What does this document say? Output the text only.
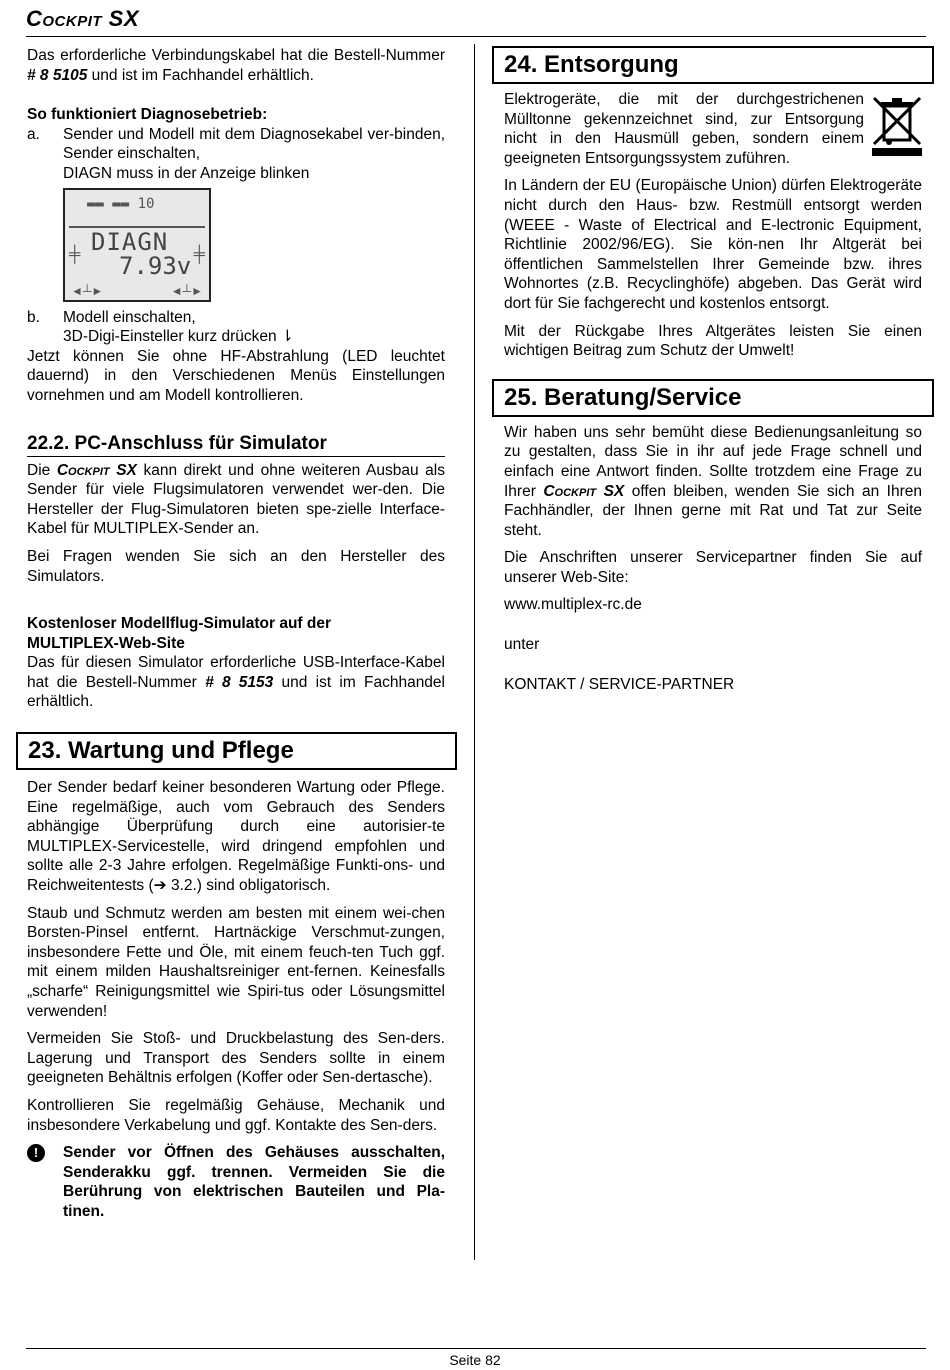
Cockpit SX

Das erforderliche Verbindungskabel hat die Bestell-Nummer # 8 5105 und ist im Fachhandel erhältlich.

So funktioniert Diagnosebetrieb:

a.	Sender und Modell mit dem Diagnosekabel ver-binden, Sender einschalten,

DIAGN muss in der Anzeige blinken

▬▬ ▬▬ 10
╪	╪
DIAGN
7.93v
◄┴►	◄┴►
b.	Modell einschalten,

3D-Digi-Einsteller kurz drücken ⇂

Jetzt können Sie ohne HF-Abstrahlung (LED leuchtet dauernd) in den Verschiedenen Menüs Einstellungen vornehmen und am Modell kontrollieren.

22.2. PC-Anschluss für Simulator

Die Cockpit SX kann direkt und ohne weiteren Ausbau als Sender für viele Flugsimulatoren verwendet wer-den. Die Hersteller der Flug-Simulatoren bieten spe-zielle Interface-Kabel für MULTIPLEX-Sender an.

Bei Fragen wenden Sie sich an den Hersteller des Simulators.

Kostenloser Modellflug-Simulator auf der

MULTIPLEX-Web-Site

Das für diesen Simulator erforderliche USB-Interface-Kabel hat die Bestell-Nummer # 8 5153 und ist im Fachhandel erhältlich.

23. Wartung und Pflege

Der Sender bedarf keiner besonderen Wartung oder Pflege. Eine regelmäßige, auch vom Gebrauch des Senders abhängige Überprüfung durch eine autorisier-te MULTIPLEX-Servicestelle, wird dringend empfohlen und sollte alle 2-3 Jahre erfolgen. Regelmäßige Funkti-ons- und Reichweitentests (➔ 3.2.) sind obligatorisch.

Staub und Schmutz werden am besten mit einem wei-chen Borsten-Pinsel entfernt. Hartnäckige Verschmut-zungen, insbesondere Fette und Öle, mit einem feuch-ten Tuch ggf. mit einem milden Haushaltsreiniger ent-fernen. Keinesfalls „scharfe“ Reinigungsmittel wie Spiri-tus oder Lösungsmittel verwenden!

Vermeiden Sie Stoß- und Druckbelastung des Sen-ders. Lagerung und Transport des Senders sollte in einem geeigneten Behältnis erfolgen (Koffer oder Sen-dertasche).

Kontrollieren Sie regelmäßig Gehäuse, Mechanik und insbesondere Verkabelung und ggf. Kontakte des Sen-ders.

!	Sender vor Öffnen des Gehäuses ausschalten, Senderakku ggf. trennen. Vermeiden Sie die Berührung von elektrischen Bauteilen und Pla-tinen.

24. Entsorgung

Elektrogeräte, die mit der durchgestrichenen Mülltonne gekennzeichnet sind, zur Entsorgung nicht in den Hausmüll geben, sondern einem geeigneten Entsorgungssystem zuführen.

In Ländern der EU (Europäische Union) dürfen Elektrogeräte nicht durch den Haus- bzw. Restmüll entsorgt werden (WEEE - Waste of Electrical and E-lectronic Equipment, Richtlinie 2002/96/EG). Sie kön-nen Ihr Altgerät bei öffentlichen Sammelstellen Ihrer Gemeinde bzw. ihres Wohnortes (z.B. Recyclinghöfe) abgeben. Das Gerät wird dort für Sie fachgerecht und kostenlos entsorgt.

Mit der Rückgabe Ihres Altgerätes leisten Sie einen wichtigen Beitrag zum Schutz der Umwelt!

25. Beratung/Service

Wir haben uns sehr bemüht diese Bedienungsanleitung so zu gestalten, dass Sie in ihr auf jede Frage schnell und einfach eine Antwort finden. Sollte trotzdem eine Frage zu Ihrer Cockpit SX offen bleiben, wenden Sie sich an Ihren Fachhändler, der Ihnen gerne mit Rat und Tat zur Seite steht.

Die Anschriften unserer Servicepartner finden Sie auf unserer Web-Site:

www.multiplex-rc.de

unter

KONTAKT / SERVICE-PARTNER

Seite 82
